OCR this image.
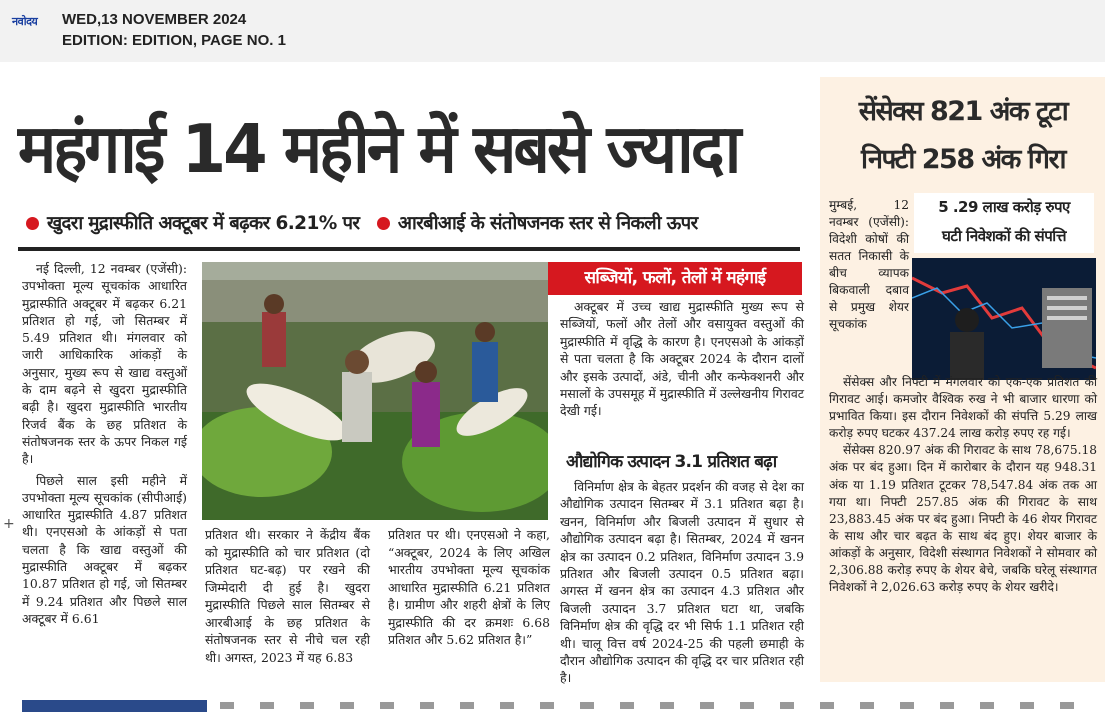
नवोदय WED,13 NOVEMBER 2024
EDITION: EDITION, PAGE NO. 1
महंगाई 14 महीने में सबसे ज्यादा
खुदरा मुद्रास्फीति अक्टूबर में बढ़कर 6.21% पर आरबीआई के संतोषजनक स्तर से निकली ऊपर

नई दिल्ली, 12 नवम्बर (एजेंसी): उपभोक्ता मूल्य सूचकांक आधारित मुद्रास्फीति अक्टूबर में बढ़कर 6.21 प्रतिशत हो गई, जो सितम्बर में 5.49 प्रतिशत थी। मंगलवार को जारी आधिकारिक आंकड़ों के अनुसार, मुख्य रूप से खाद्य वस्तुओं के दाम बढ़ने से खुदरा मुद्रास्फीति बढ़ी है। खुदरा मुद्रास्फीति भारतीय रिजर्व बैंक के छह प्रतिशत के संतोषजनक स्तर के ऊपर निकल गई है।

पिछले साल इसी महीने में उपभोक्ता मूल्य सूचकांक (सीपीआई) आधारित मुद्रास्फीति 4.87 प्रतिशत थी। एनएसओ के आंकड़ों से पता चलता है कि खाद्य वस्तुओं की मुद्रास्फीति अक्टूबर में बढ़कर 10.87 प्रतिशत हो गई, जो सितम्बर में 9.24 प्रतिशत और पिछले साल अक्टूबर में 6.61

प्रतिशत थी। सरकार ने केंद्रीय बैंक को मुद्रास्फीति को चार प्रतिशत (दो प्रतिशत घट-बढ़) पर रखने की जिम्मेदारी दी हुई है। खुदरा मुद्रास्फीति पिछले साल सितम्बर से आरबीआई के छह प्रतिशत के संतोषजनक स्तर से नीचे चल रही थी। अगस्त, 2023 में यह 6.83
प्रतिशत पर थी। एनएसओ ने कहा, “अक्टूबर, 2024 के लिए अखिल भारतीय उपभोक्ता मूल्य सूचकांक आधारित मुद्रास्फीति 6.21 प्रतिशत है। ग्रामीण और शहरी क्षेत्रों के लिए मुद्रास्फीति की दर क्रमशः 6.68 प्रतिशत और 5.62 प्रतिशत है।”
सब्जियों, फलों, तेलों में महंगाई

अक्टूबर में उच्च खाद्य मुद्रास्फीति मुख्य रूप से सब्जियों, फलों और तेलों और वसायुक्त वस्तुओं की मुद्रास्फीति में वृद्धि के कारण है। एनएसओ के आंकड़ों से पता चलता है कि अक्टूबर 2024 के दौरान दालों और इसके उत्पादों, अंडे, चीनी और कन्फेक्शनरी और मसालों के उपसमूह में मुद्रास्फीति में उल्लेखनीय गिरावट देखी गई।

औद्योगिक उत्पादन 3.1 प्रतिशत बढ़ा

विनिर्माण क्षेत्र के बेहतर प्रदर्शन की वजह से देश का औद्योगिक उत्पादन सितम्बर में 3.1 प्रतिशत बढ़ा है। खनन, विनिर्माण और बिजली उत्पादन में सुधार से औद्योगिक उत्पादन बढ़ा है। सितम्बर, 2024 में खनन क्षेत्र का उत्पादन 0.2 प्रतिशत, विनिर्माण उत्पादन 3.9 प्रतिशत और बिजली उत्पादन 0.5 प्रतिशत बढ़ा। अगस्त में खनन क्षेत्र का उत्पादन 4.3 प्रतिशत और बिजली उत्पादन 3.7 प्रतिशत घटा था, जबकि विनिर्माण क्षेत्र की वृद्धि दर भी सिर्फ 1.1 प्रतिशत रही थी। चालू वित्त वर्ष 2024-25 की पहली छमाही के दौरान औद्योगिक उत्पादन की वृद्धि दर चार प्रतिशत रही है।

सेंसेक्स 821 अंक टूटा
निफ्टी 258 अंक गिरा
5 .29 लाख करोड़ रुपए
घटी निवेशकों की संपत्ति
मुम्बई, 12 नवम्बर (एजेंसी): विदेशी कोषों की सतत निकासी के बीच व्यापक बिकवाली दबाव से प्रमुख शेयर सूचकांक

सेंसेक्स और निफ्टी में मंगलवार को एक-एक प्रतिशत की गिरावट आई। कमजोर वैश्विक रुख ने भी बाजार धारणा को प्रभावित किया। इस दौरान निवेशकों की संपत्ति 5.29 लाख करोड़ रुपए घटकर 437.24 लाख करोड़ रुपए रह गई।

सेंसेक्स 820.97 अंक की गिरावट के साथ 78,675.18 अंक पर बंद हुआ। दिन में कारोबार के दौरान यह 948.31 अंक या 1.19 प्रतिशत टूटकर 78,547.84 अंक तक आ गया था। निफ्टी 257.85 अंक की गिरावट के साथ 23,883.45 अंक पर बंद हुआ। निफ्टी के 46 शेयर गिरावट के साथ और चार बढ़त के साथ बंद हुए। शेयर बाजार के आंकड़ों के अनुसार, विदेशी संस्थागत निवेशकों ने सोमवार को 2,306.88 करोड़ रुपए के शेयर बेचे, जबकि घरेलू संस्थागत निवेशकों ने 2,026.63 करोड़ रुपए के शेयर खरीदे।

+
